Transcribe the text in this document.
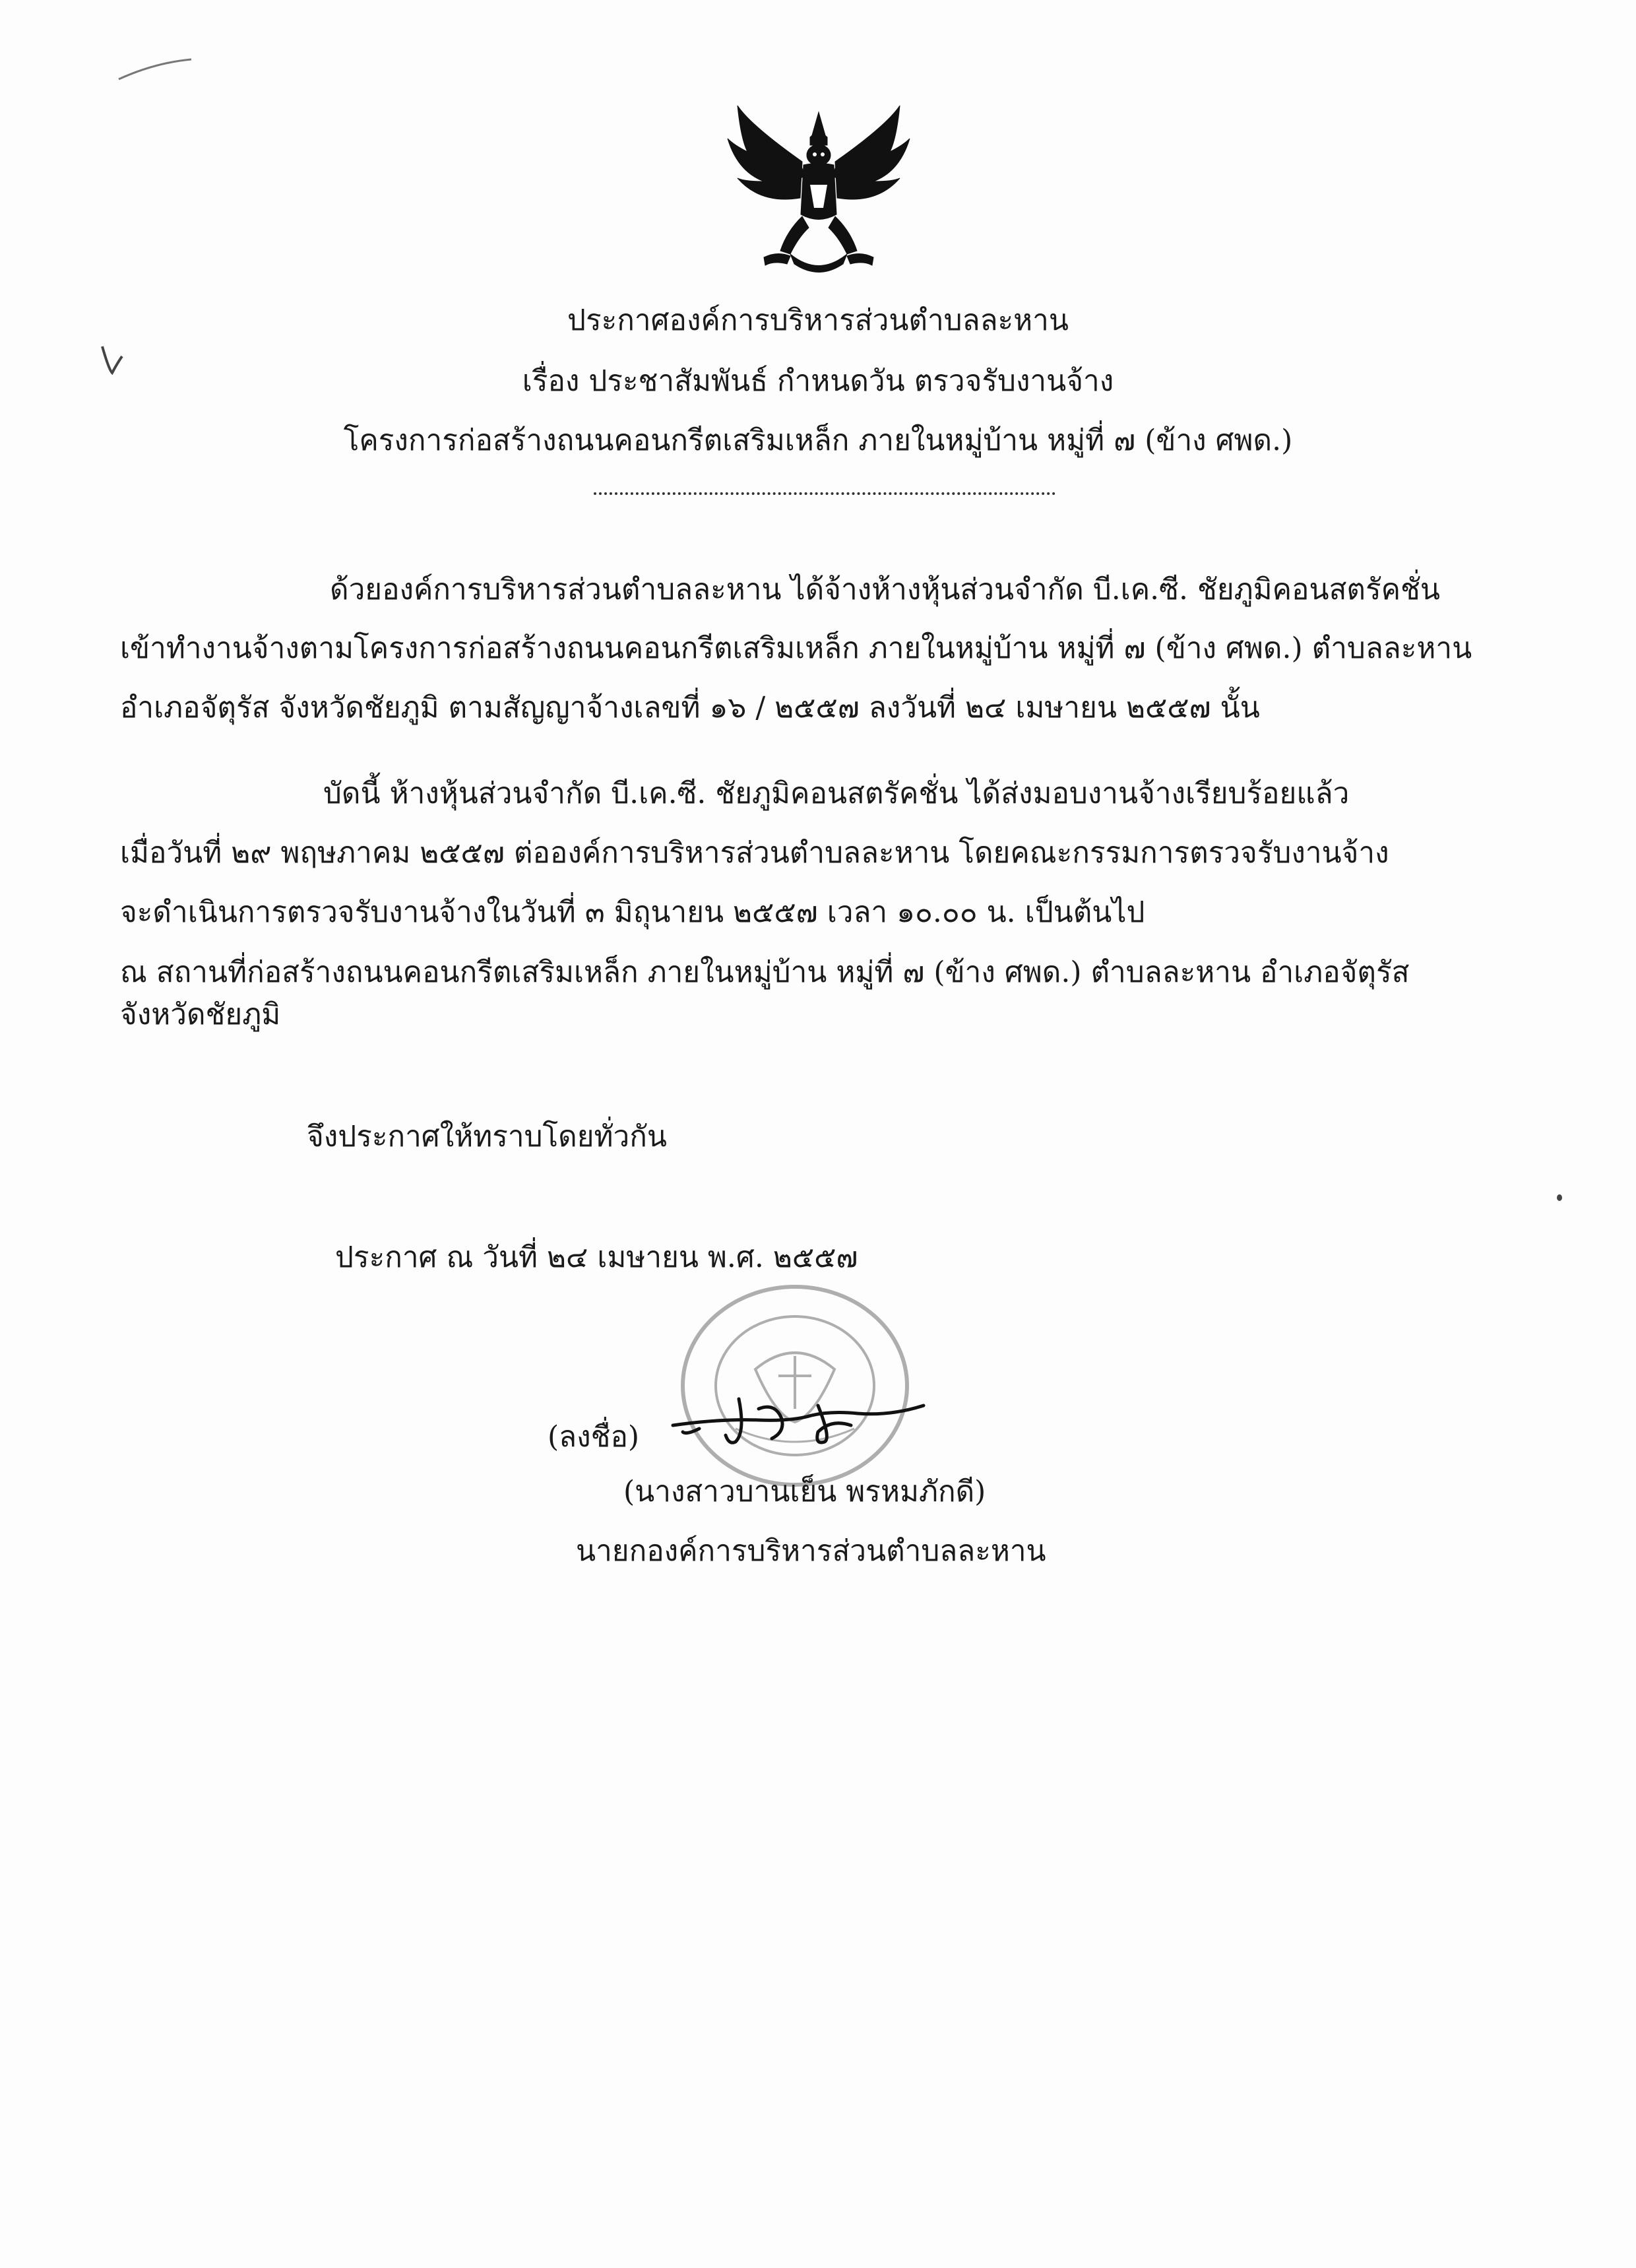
ประกาศองค์การบริหารส่วนตำบลละหาน
เรื่อง ประชาสัมพันธ์ กำหนดวัน ตรวจรับงานจ้าง
โครงการก่อสร้างถนนคอนกรีตเสริมเหล็ก ภายในหมู่บ้าน หมู่ที่ ๗ (ข้าง ศพด.)
ด้วยองค์การบริหารส่วนตำบลละหาน ได้จ้างห้างหุ้นส่วนจำกัด บี.เค.ซี. ชัยภูมิคอนสตรัคชั่น
เข้าทำงานจ้างตามโครงการก่อสร้างถนนคอนกรีตเสริมเหล็ก ภายในหมู่บ้าน หมู่ที่ ๗ (ข้าง ศพด.) ตำบลละหาน
อำเภอจัตุรัส จังหวัดชัยภูมิ ตามสัญญาจ้างเลขที่ ๑๖ / ๒๕๕๗ ลงวันที่ ๒๔ เมษายน ๒๕๕๗ นั้น
บัดนี้ ห้างหุ้นส่วนจำกัด บี.เค.ซี. ชัยภูมิคอนสตรัคชั่น ได้ส่งมอบงานจ้างเรียบร้อยแล้ว
เมื่อวันที่ ๒๙ พฤษภาคม ๒๕๕๗ ต่อองค์การบริหารส่วนตำบลละหาน โดยคณะกรรมการตรวจรับงานจ้าง
จะดำเนินการตรวจรับงานจ้างในวันที่ ๓ มิถุนายน ๒๕๕๗ เวลา ๑๐.๐๐ น. เป็นต้นไป
ณ สถานที่ก่อสร้างถนนคอนกรีตเสริมเหล็ก ภายในหมู่บ้าน หมู่ที่ ๗ (ข้าง ศพด.) ตำบลละหาน อำเภอจัตุรัส
จังหวัดชัยภูมิ
จึงประกาศให้ทราบโดยทั่วกัน
ประกาศ ณ วันที่ ๒๔ เมษายน พ.ศ. ๒๕๕๗
(ลงชื่อ)
(นางสาวบานเย็น พรหมภักดี)
นายกองค์การบริหารส่วนตำบลละหาน
